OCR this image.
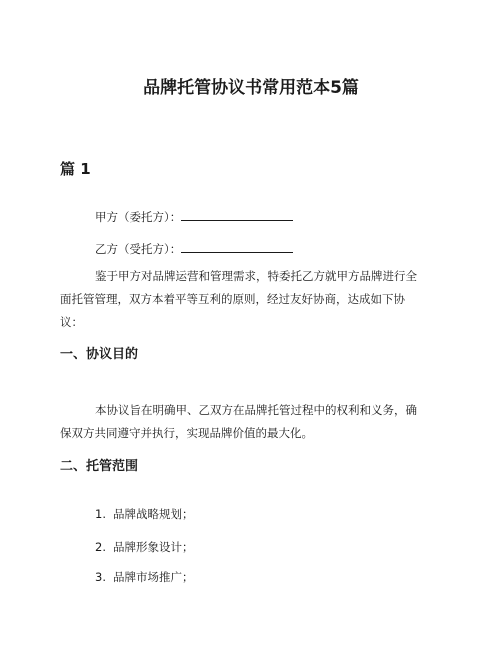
品牌托管协议书常用范本5篇
篇 1
甲方（委托方）：
乙方（受托方）：
鉴于甲方对品牌运营和管理需求，特委托乙方就甲方品牌进行全
面托管管理，双方本着平等互利的原则，经过友好协商，达成如下协
议：
一、协议目的
本协议旨在明确甲、乙双方在品牌托管过程中的权利和义务，确
保双方共同遵守并执行，实现品牌价值的最大化。
二、托管范围
1. 品牌战略规划；
2. 品牌形象设计；
3. 品牌市场推广；
